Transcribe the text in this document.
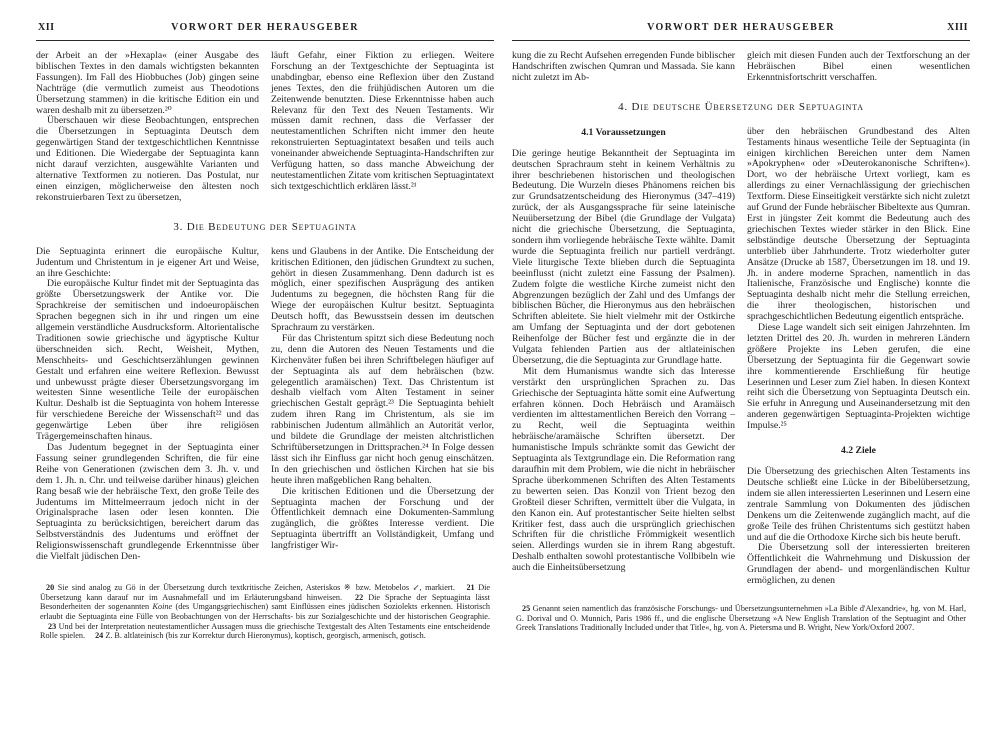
XII	VORWORT DER HERAUSGEBER

der Arbeit an der »Hexapla« (einer Ausgabe des biblischen Textes in den damals wichtigsten bekannten Fassungen). Im Fall des Hiobbuches (Job) gingen seine Nachträge (die vermutlich zumeist aus Theodotions Übersetzung stammen) in die kritische Edition ein und waren deshalb mit zu übersetzen.²⁰

Überschauen wir diese Beobachtungen, entsprechen die Übersetzungen in Septuaginta Deutsch dem gegenwärtigen Stand der textgeschichtlichen Kenntnisse und Editionen. Die Wiedergabe der Septuaginta kann nicht darauf verzichten, ausgewählte Varianten und alternative Textformen zu notieren. Das Postulat, nur einen einzigen, möglicherweise den ältesten noch rekonstruierbaren Text zu übersetzen,

läuft Gefahr, einer Fiktion zu erliegen. Weitere Forschung an der Textgeschichte der Septuaginta ist unabdingbar, ebenso eine Reflexion über den Zustand jenes Textes, den die frühjüdischen Autoren um die Zeitenwende benutzten. Diese Erkenntnisse haben auch Relevanz für den Text des Neuen Testaments. Wir müssen damit rechnen, dass die Verfasser der neutestamentlichen Schriften nicht immer den heute rekonstruierten Septuagintatext besaßen und teils auch voneinander abweichende Septuaginta-Handschriften zur Verfügung hatten, so dass manche Abweichung der neutestamentlichen Zitate vom kritischen Septuagintatext sich textgeschichtlich erklären lässt.²¹

3. Die Bedeutung der Septuaginta

Die Septuaginta erinnert die europäische Kultur, Judentum und Christentum in je eigener Art und Weise, an ihre Geschichte:

Die europäische Kultur findet mit der Septuaginta das größte Übersetzungswerk der Antike vor. Die Sprachkreise der semitischen und indoeuropäischen Sprachen begegnen sich in ihr und ringen um eine allgemein verständliche Ausdrucksform. Altorientalische Traditionen sowie griechische und ägyptische Kultur überschneiden sich. Recht, Weisheit, Mythen, Menschheits- und Geschichtserzählungen gewinnen Gestalt und erfahren eine weitere Reflexion. Bewusst und unbewusst prägte dieser Übersetzungsvorgang im weitesten Sinne wesentliche Teile der europäischen Kultur. Deshalb ist die Septuaginta von hohem Interesse für verschiedene Bereiche der Wissenschaft²² und das gegenwärtige Leben über ihre religiösen Trägergemeinschaften hinaus.

Das Judentum begegnet in der Septuaginta einer Fassung seiner grundlegenden Schriften, die für eine Reihe von Generationen (zwischen dem 3. Jh. v. und dem 1. Jh. n. Chr. und teilweise darüber hinaus) gleichen Rang besaß wie der hebräische Text, den große Teile des Judentums im Mittelmeerraum jedoch nicht in der Originalsprache lasen oder lesen konnten. Die Septuaginta zu berücksichtigen, bereichert darum das Selbstverständnis des Judentums und eröffnet der Religionswissenschaft grundlegende Erkenntnisse über die Vielfalt jüdischen Den-

kens und Glaubens in der Antike. Die Entscheidung der kritischen Editionen, den jüdischen Grundtext zu suchen, gehört in diesen Zusammenhang. Denn dadurch ist es möglich, einer spezifischen Ausprägung des antiken Judentums zu begegnen, die höchsten Rang für die Wiege der europäischen Kultur besitzt. Septuaginta Deutsch hofft, das Bewusstsein dessen im deutschen Sprachraum zu verstärken.

Für das Christentum spitzt sich diese Bedeutung noch zu, denn die Autoren des Neuen Testaments und die Kirchenväter fußen bei ihren Schriftbelegen häufiger auf der Septuaginta als auf dem hebräischen (bzw. gelegentlich aramäischen) Text. Das Christentum ist deshalb vielfach vom Alten Testament in seiner griechischen Gestalt geprägt.²³ Die Septuaginta behielt zudem ihren Rang im Christentum, als sie im rabbinischen Judentum allmählich an Autorität verlor, und bildete die Grundlage der meisten altchristlichen Schriftübersetzungen in Drittsprachen.²⁴ In Folge dessen lässt sich ihr Einfluss gar nicht hoch genug einschätzen. In den griechischen und östlichen Kirchen hat sie bis heute ihren maßgeblichen Rang behalten.

Die kritischen Editionen und die Übersetzung der Septuaginta machen der Forschung und der Öffentlichkeit demnach eine Dokumenten-Sammlung zugänglich, die größtes Interesse verdient. Die Septuaginta übertrifft an Vollständigkeit, Umfang und langfristiger Wir-

20 Sie sind analog zu Gö in der Übersetzung durch textkritische Zeichen, Asteriskos ※ bzw. Metobelos ↙, markiert. 21 Die Übersetzung kann darauf nur im Ausnahmefall und im Erläuterungsband hinweisen. 22 Die Sprache der Septuaginta lässt Besonderheiten der sogenannten Koine (des Umgangsgriechischen) samt Einflüssen eines jüdischen Soziolekts erkennen. Historisch erlaubt die Septuaginta eine Fülle von Beobachtungen von der Herrschafts- bis zur Sozialgeschichte und der historischen Geographie. 23 Und bei der Interpretation neutestamentlicher Aussagen muss die griechische Textgestalt des Alten Testaments eine entscheidende Rolle spielen. 24 Z. B. altlateinisch (bis zur Korrektur durch Hieronymus), koptisch, georgisch, armenisch, gotisch.

VORWORT DER HERAUSGEBER	XIII

kung die zu Recht Aufsehen erregenden Funde biblischer Handschriften zwischen Qumran und Massada. Sie kann nicht zuletzt im Ab-

gleich mit diesen Funden auch der Textforschung an der Hebräischen Bibel einen wesentlichen Erkenntnisfortschritt verschaffen.

4. Die deutsche Übersetzung der Septuaginta
4.1 Voraussetzungen

Die geringe heutige Bekanntheit der Septuaginta im deutschen Sprachraum steht in keinem Verhältnis zu ihrer beschriebenen historischen und theologischen Bedeutung. Die Wurzeln dieses Phänomens reichen bis zur Grundsatzentscheidung des Hieronymus (347–419) zurück, der als Ausgangssprache für seine lateinische Neuübersetzung der Bibel (die Grundlage der Vulgata) nicht die griechische Übersetzung, die Septuaginta, sondern ihm vorliegende hebräische Texte wählte. Damit wurde die Septuaginta freilich nur partiell verdrängt. Viele liturgische Texte blieben durch die Septuaginta beeinflusst (nicht zuletzt eine Fassung der Psalmen). Zudem folgte die westliche Kirche zumeist nicht den Abgrenzungen bezüglich der Zahl und des Umfangs der biblischen Bücher, die Hieronymus aus den hebräischen Schriften ableitete. Sie hielt vielmehr mit der Ostkirche am Umfang der Septuaginta und der dort gebotenen Reihenfolge der Bücher fest und ergänzte die in der Vulgata fehlenden Partien aus der altlateinischen Übersetzung, die die Septuaginta zur Grundlage hatte.

Mit dem Humanismus wandte sich das Interesse verstärkt den ursprünglichen Sprachen zu. Das Griechische der Septuaginta hätte somit eine Aufwertung erfahren können. Doch Hebräisch und Aramäisch verdienten im alttestamentlichen Bereich den Vorrang – zu Recht, weil die Septuaginta weithin hebräische/aramäische Schriften übersetzt. Der humanistische Impuls schränkte somit das Gewicht der Septuaginta als Textgrundlage ein. Die Reformation rang daraufhin mit dem Problem, wie die nicht in hebräischer Sprache überkommenen Schriften des Alten Testaments zu bewerten seien. Das Konzil von Trient bezog den Großteil dieser Schriften, vermittelt über die Vulgata, in den Kanon ein. Auf protestantischer Seite hielten selbst Kritiker fest, dass auch die ursprünglich griechischen Schriften für die christliche Frömmigkeit wesentlich seien. Allerdings wurden sie in ihrem Rang abgestuft. Deshalb enthalten sowohl protestantische Vollbibeln wie auch die Einheitsübersetzung

über den hebräischen Grundbestand des Alten Testaments hinaus wesentliche Teile der Septuaginta (in einigen kirchlichen Bereichen unter dem Namen »Apokryphen« oder »Deuterokanonische Schriften«). Dort, wo der hebräische Urtext vorliegt, kam es allerdings zu einer Vernachlässigung der griechischen Textform. Diese Einseitigkeit verstärkte sich nicht zuletzt auf Grund der Funde hebräischer Bibeltexte aus Qumran. Erst in jüngster Zeit kommt die Bedeutung auch des griechischen Textes wieder stärker in den Blick. Eine selbständige deutsche Übersetzung der Septuaginta unterblieb über Jahrhunderte. Trotz wiederholter guter Ansätze (Drucke ab 1587, Übersetzungen im 18. und 19. Jh. in andere moderne Sprachen, namentlich in das Italienische, Französische und Englische) konnte die Septuaginta deshalb nicht mehr die Stellung erreichen, die ihrer theologischen, historischen und sprachgeschichtlichen Bedeutung eigentlich entspräche.

Diese Lage wandelt sich seit einigen Jahrzehnten. Im letzten Drittel des 20. Jh. wurden in mehreren Ländern größere Projekte ins Leben gerufen, die eine Übersetzung der Septuaginta für die Gegenwart sowie ihre kommentierende Erschließung für heutige Leserinnen und Leser zum Ziel haben. In diesen Kontext reiht sich die Übersetzung von Septuaginta Deutsch ein. Sie erfuhr in Anregung und Auseinandersetzung mit den anderen gegenwärtigen Septuaginta-Projekten wichtige Impulse.²⁵

4.2 Ziele

Die Übersetzung des griechischen Alten Testaments ins Deutsche schließt eine Lücke in der Bibelübersetzung, indem sie allen interessierten Leserinnen und Lesern eine zentrale Sammlung von Dokumenten des jüdischen Denkens um die Zeitenwende zugänglich macht, auf die große Teile des frühen Christentums sich gestützt haben und auf die die Orthodoxe Kirche sich bis heute beruft.

Die Übersetzung soll der interessierten breiteren Öffentlichkeit die Wahrnehmung und Diskussion der Grundlagen der abend- und morgenländischen Kultur ermöglichen, zu denen

25 Genannt seien namentlich das französische Forschungs- und Übersetzungsunternehmen »La Bible d'Alexandrie«, hg. von M. Harl, G. Dorival und O. Munnich, Paris 1986 ff., und die englische Übersetzung »A New English Translation of the Septuagint and Other Greek Translations Traditionally Included under that Title«, hg. von A. Pietersma und B. Wright, New York/Oxford 2007.
